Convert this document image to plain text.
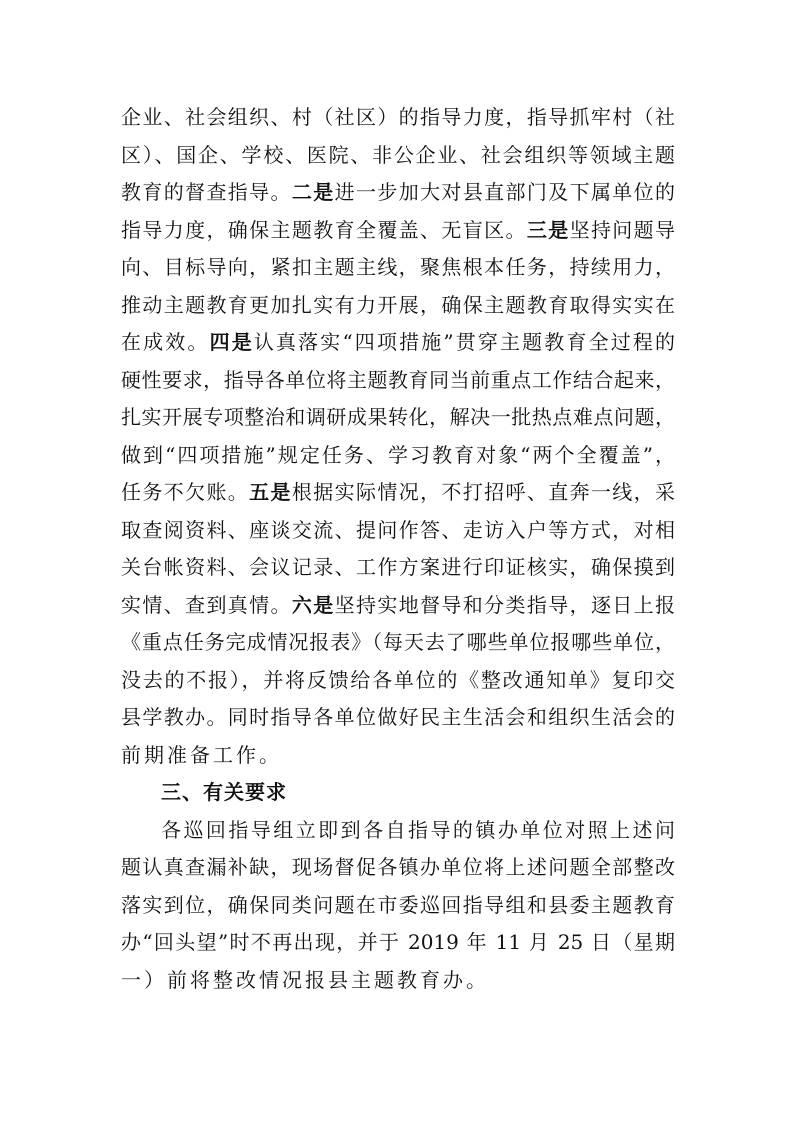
企业、社会组织、村（社区）的指导力度，指导抓牢村（社
区）、国企、学校、医院、非公企业、社会组织等领域主题
教育的督查指导。二是进一步加大对县直部门及下属单位的
指导力度，确保主题教育全覆盖、无盲区。三是坚持问题导
向、目标导向，紧扣主题主线，聚焦根本任务，持续用力，
推动主题教育更加扎实有力开展，确保主题教育取得实实在
在成效。四是认真落实“四项措施”贯穿主题教育全过程的
硬性要求，指导各单位将主题教育同当前重点工作结合起来，
扎实开展专项整治和调研成果转化，解决一批热点难点问题，
做到“四项措施”规定任务、学习教育对象“两个全覆盖”，
任务不欠账。五是根据实际情况，不打招呼、直奔一线，采
取查阅资料、座谈交流、提问作答、走访入户等方式，对相
关台帐资料、会议记录、工作方案进行印证核实，确保摸到
实情、查到真情。六是坚持实地督导和分类指导，逐日上报
《重点任务完成情况报表》（每天去了哪些单位报哪些单位，
没去的不报），并将反馈给各单位的《整改通知单》复印交
县学教办。同时指导各单位做好民主生活会和组织生活会的
前期准备工作。
三、有关要求
各巡回指导组立即到各自指导的镇办单位对照上述问
题认真查漏补缺，现场督促各镇办单位将上述问题全部整改
落实到位，确保同类问题在市委巡回指导组和县委主题教育
办“回头望”时不再出现，并于 2019 年 11 月 25 日（星期
一）前将整改情况报县主题教育办。
